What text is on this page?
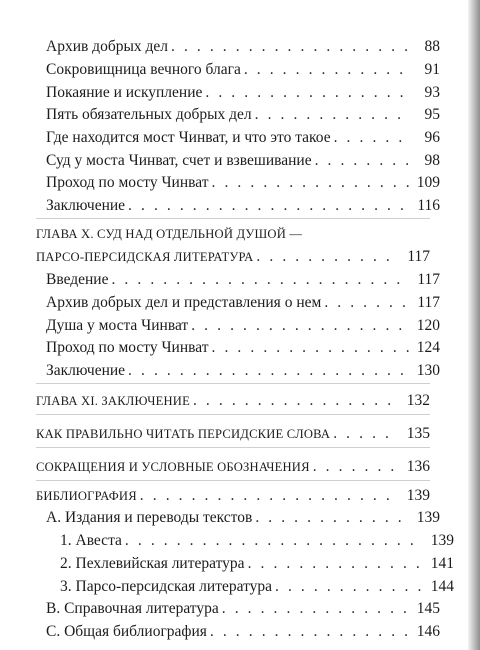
Архив добрых дел . . .	88
Сокровищница вечного блага . . .	91
Покаяние и искупление . . .	93
Пять обязательных добрых дел . . .	95
Где находится мост Чинват, и что это такое . . .	96
Суд у моста Чинват, счет и взвешивание . . .	98
Проход по мосту Чинват . . .	109
Заключение . . .	116
ГЛАВА X. СУД НАД ОТДЕЛЬНОЙ ДУШОЙ —
ПАРСО-ПЕРСИДСКАЯ ЛИТЕРАТУРА . . .	117
Введение . . .	117
Архив добрых дел и представления о нем . . .	117
Душа у моста Чинват . . .	120
Проход по мосту Чинват . . .	124
Заключение . . .	130
ГЛАВА XI. ЗАКЛЮЧЕНИЕ . . .	132
КАК ПРАВИЛЬНО ЧИТАТЬ ПЕРСИДСКИЕ СЛОВА . . .	135
СОКРАЩЕНИЯ И УСЛОВНЫЕ ОБОЗНАЧЕНИЯ . . .	136
БИБЛИОГРАФИЯ . . .	139
A. Издания и переводы текстов . . .	139
1. Авеста . . .	139
2. Пехлевийская литература . . .	141
3. Парсо-персидская литература . . .	144
B. Справочная литература . . .	145
C. Общая библиография . . .	146
